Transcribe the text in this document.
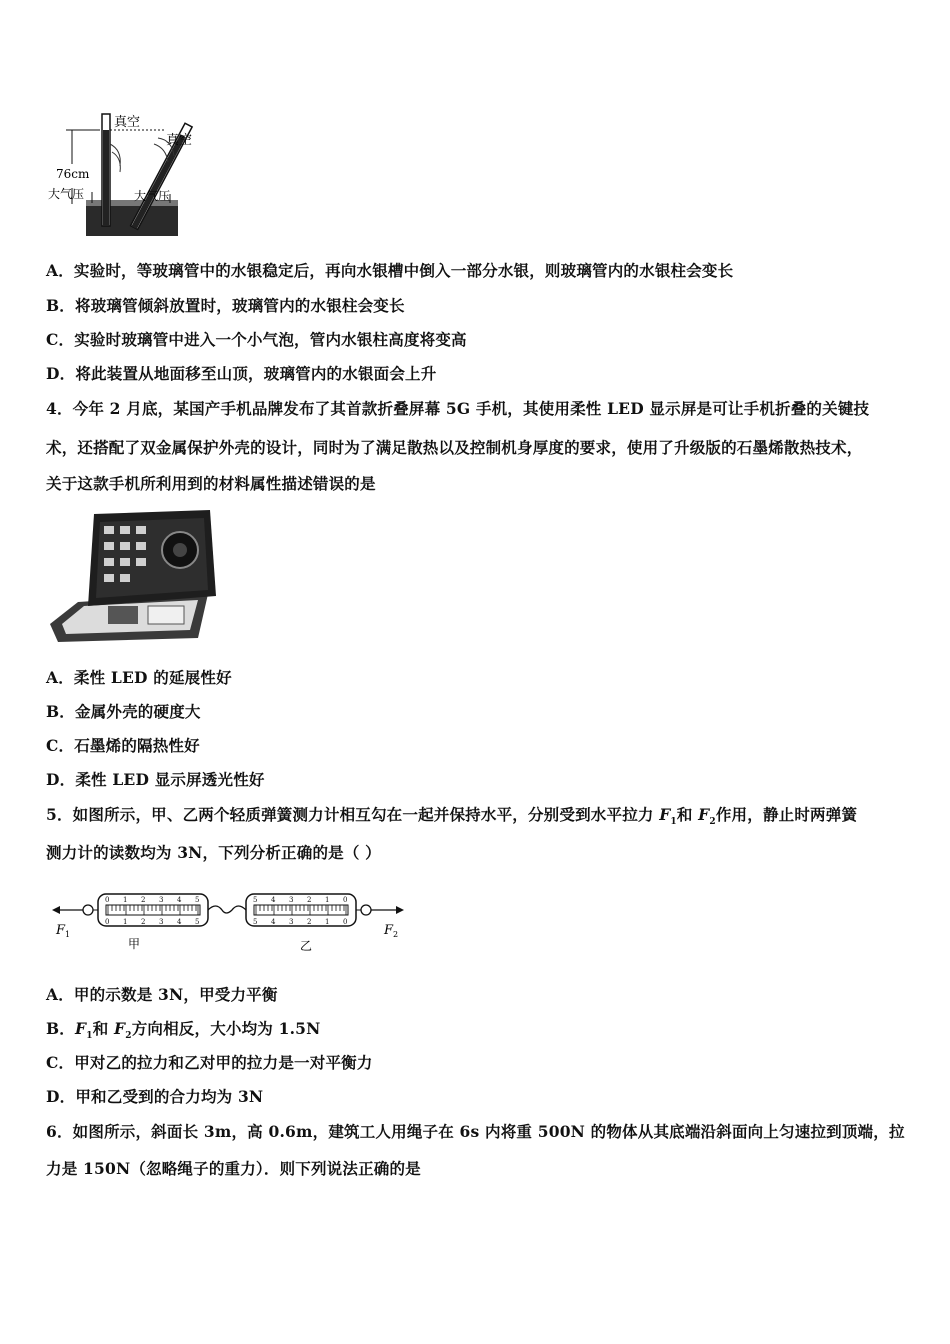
真空
真空
76cm
大气压	大气压
A．实验时，等玻璃管中的水银稳定后，再向水银槽中倒入一部分水银，则玻璃管内的水银柱会变长
B．将玻璃管倾斜放置时，玻璃管内的水银柱会变长
C．实验时玻璃管中进入一个小气泡，管内水银柱高度将变高
D．将此装置从地面移至山顶，玻璃管内的水银面会上升
4．今年 2 月底，某国产手机品牌发布了其首款折叠屏幕 5G 手机，其使用柔性 LED 显示屏是可让手机折叠的关键技
术，还搭配了双金属保护外壳的设计，同时为了满足散热以及控制机身厚度的要求，使用了升级版的石墨烯散热技术，
关于这款手机所利用到的材料属性描述错误的是
A．柔性 LED 的延展性好
B．金属外壳的硬度大
C．石墨烯的隔热性好
D．柔性 LED 显示屏透光性好
5．如图所示，甲、乙两个轻质弹簧测力计相互勾在一起并保持水平，分别受到水平拉力 $F_1$和 $F_2$作用，静止时两弹簧
测力计的读数均为 3N，下列分析正确的是（ ）
0 1 2 3 4 5
0 1 2 3 4 5
5 4 3 2 1 0
5 4 3 2 1 0
F 1	F 2
甲	乙
A．甲的示数是 3N，甲受力平衡
B．$F_1$和 $F_2$方向相反，大小均为 1.5N
C．甲对乙的拉力和乙对甲的拉力是一对平衡力
D．甲和乙受到的合力均为 3N
6．如图所示，斜面长 3m，高 0.6m，建筑工人用绳子在 6s 内将重 500N 的物体从其底端沿斜面向上匀速拉到顶端，拉
力是 150N（忽略绳子的重力）．则下列说法正确的是
